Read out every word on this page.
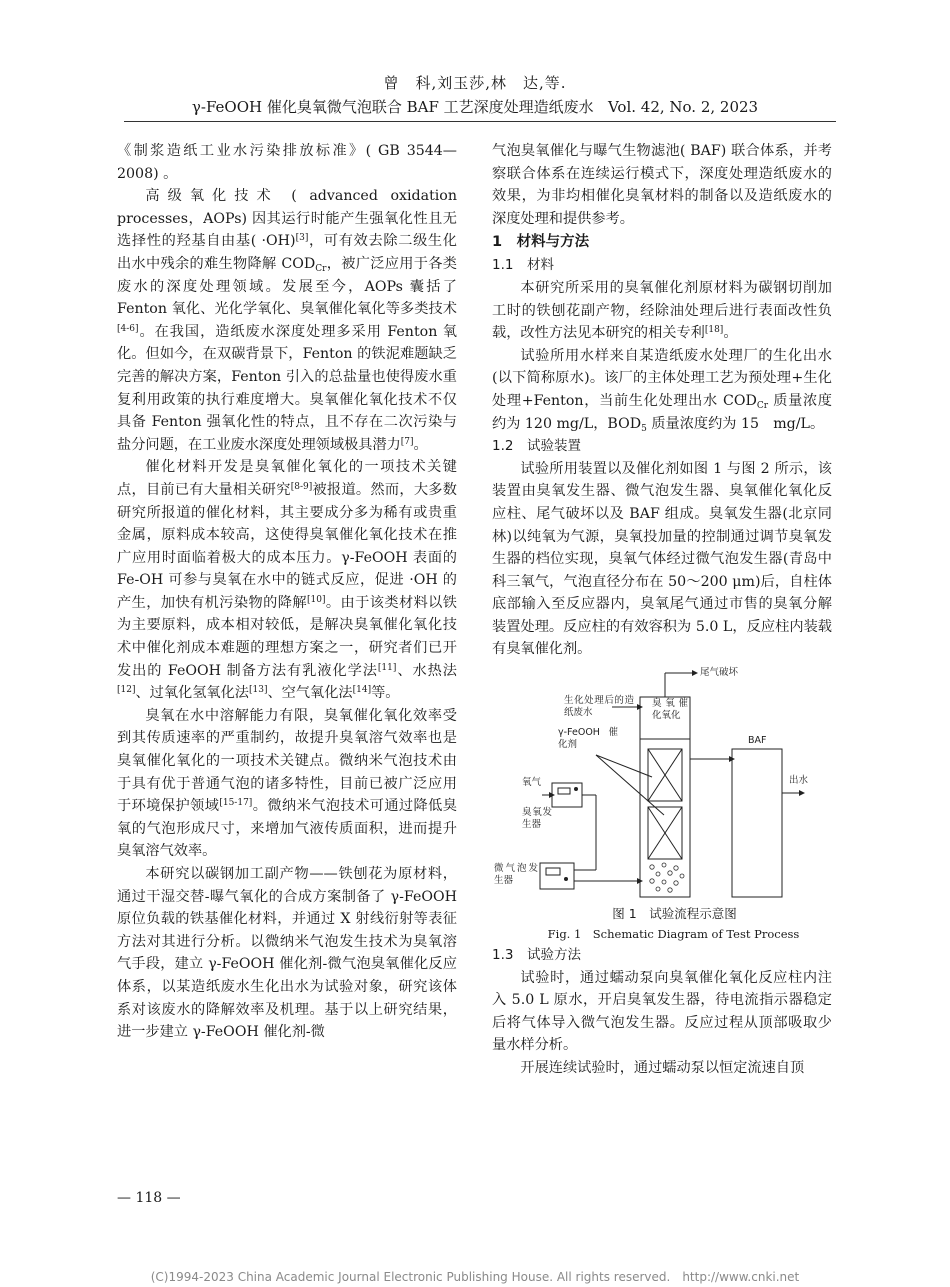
曾　科,刘玉莎,林　达,等.
γ-FeOOH 催化臭氧微气泡联合 BAF 工艺深度处理造纸废水 Vol. 42, No. 2, 2023

《制浆造纸工业水污染排放标准》( GB 3544—2008) 。

高级氧化技术 ( advanced oxidation processes，AOPs) 因其运行时能产生强氧化性且无选择性的羟基自由基( ·OH)[3]，可有效去除二级生化出水中残余的难生物降解 $COD_{Cr}$，被广泛应用于各类废水的深度处理领域。发展至今，AOPs 囊括了 Fenton 氧化、光化学氧化、臭氧催化氧化等多类技术[4-6]。在我国，造纸废水深度处理多采用 Fenton 氧化。但如今，在双碳背景下，Fenton 的铁泥难题缺乏完善的解决方案，Fenton 引入的总盐量也使得废水重复利用政策的执行难度增大。臭氧催化氧化技术不仅具备 Fenton 强氧化性的特点，且不存在二次污染与盐分问题，在工业废水深度处理领域极具潜力[7]。

催化材料开发是臭氧催化氧化的一项技术关键点，目前已有大量相关研究[8-9]被报道。然而，大多数研究所报道的催化材料，其主要成分多为稀有或贵重金属，原料成本较高，这使得臭氧催化氧化技术在推广应用时面临着极大的成本压力。γ-FeOOH 表面的 Fe-OH 可参与臭氧在水中的链式反应，促进 ·OH 的产生，加快有机污染物的降解[10]。由于该类材料以铁为主要原料，成本相对较低，是解决臭氧催化氧化技术中催化剂成本难题的理想方案之一，研究者们已开发出的 FeOOH 制备方法有乳液化学法[11]、水热法[12]、过氧化氢氧化法[13]、空气氧化法[14]等。

臭氧在水中溶解能力有限，臭氧催化氧化效率受到其传质速率的严重制约，故提升臭氧溶气效率也是臭氧催化氧化的一项技术关键点。微纳米气泡技术由于具有优于普通气泡的诸多特性，目前已被广泛应用于环境保护领域[15-17]。微纳米气泡技术可通过降低臭氧的气泡形成尺寸，来增加气液传质面积，进而提升臭氧溶气效率。

本研究以碳钢加工副产物——铁刨花为原材料，通过干湿交替-曝气氧化的合成方案制备了 γ-FeOOH 原位负载的铁基催化材料，并通过 X 射线衍射等表征方法对其进行分析。以微纳米气泡发生技术为臭氧溶气手段，建立 γ-FeOOH 催化剂-微气泡臭氧催化反应体系，以某造纸废水生化出水为试验对象，研究该体系对该废水的降解效率及机理。基于以上研究结果，进一步建立 γ-FeOOH 催化剂-微

气泡臭氧催化与曝气生物滤池( BAF) 联合体系，并考察联合体系在连续运行模式下，深度处理造纸废水的效果，为非均相催化臭氧材料的制备以及造纸废水的深度处理和提供参考。

1　材料与方法
1.1　材料

本研究所采用的臭氧催化剂原材料为碳钢切削加工时的铁刨花副产物，经除油处理后进行表面改性负载，改性方法见本研究的相关专利[18]。

试验所用水样来自某造纸废水处理厂的生化出水(以下简称原水)。该厂的主体处理工艺为预处理+生化处理+Fenton，当前生化处理出水 $COD_{Cr}$ 质量浓度约为 120 mg/L，$BOD_5$ 质量浓度约为 15　mg/L。

1.2　试验装置

试验所用装置以及催化剂如图 1 与图 2 所示，该装置由臭氧发生器、微气泡发生器、臭氧催化氧化反应柱、尾气破坏以及 BAF 组成。臭氧发生器(北京同林)以纯氧为气源，臭氧投加量的控制通过调节臭氧发生器的档位实现，臭氧气体经过微气泡发生器(青岛中科三氧气，气泡直径分布在 50～200 μm)后，自柱体底部输入至反应器内，臭氧尾气通过市售的臭氧分解装置处理。反应柱的有效容积为 5.0 L，反应柱内装载有臭氧催化剂。

尾气破坏
生化处理后的造纸废水
臭氧催化氧化
γ-FeOOH 催化剂	BAF
出水
氧气
臭氧发生器
微气泡发生器

图 1　试验流程示意图

Fig. 1　Schematic Diagram of Test Process

1.3　试验方法

试验时，通过蠕动泵向臭氧催化氧化反应柱内注入 5.0 L 原水，开启臭氧发生器，待电流指示器稳定后将气体导入微气泡发生器。反应过程从顶部吸取少量水样分析。

开展连续试验时，通过蠕动泵以恒定流速自顶

— 118 —
(C)1994-2023 China Academic Journal Electronic Publishing House. All rights reserved.　http://www.cnki.net
